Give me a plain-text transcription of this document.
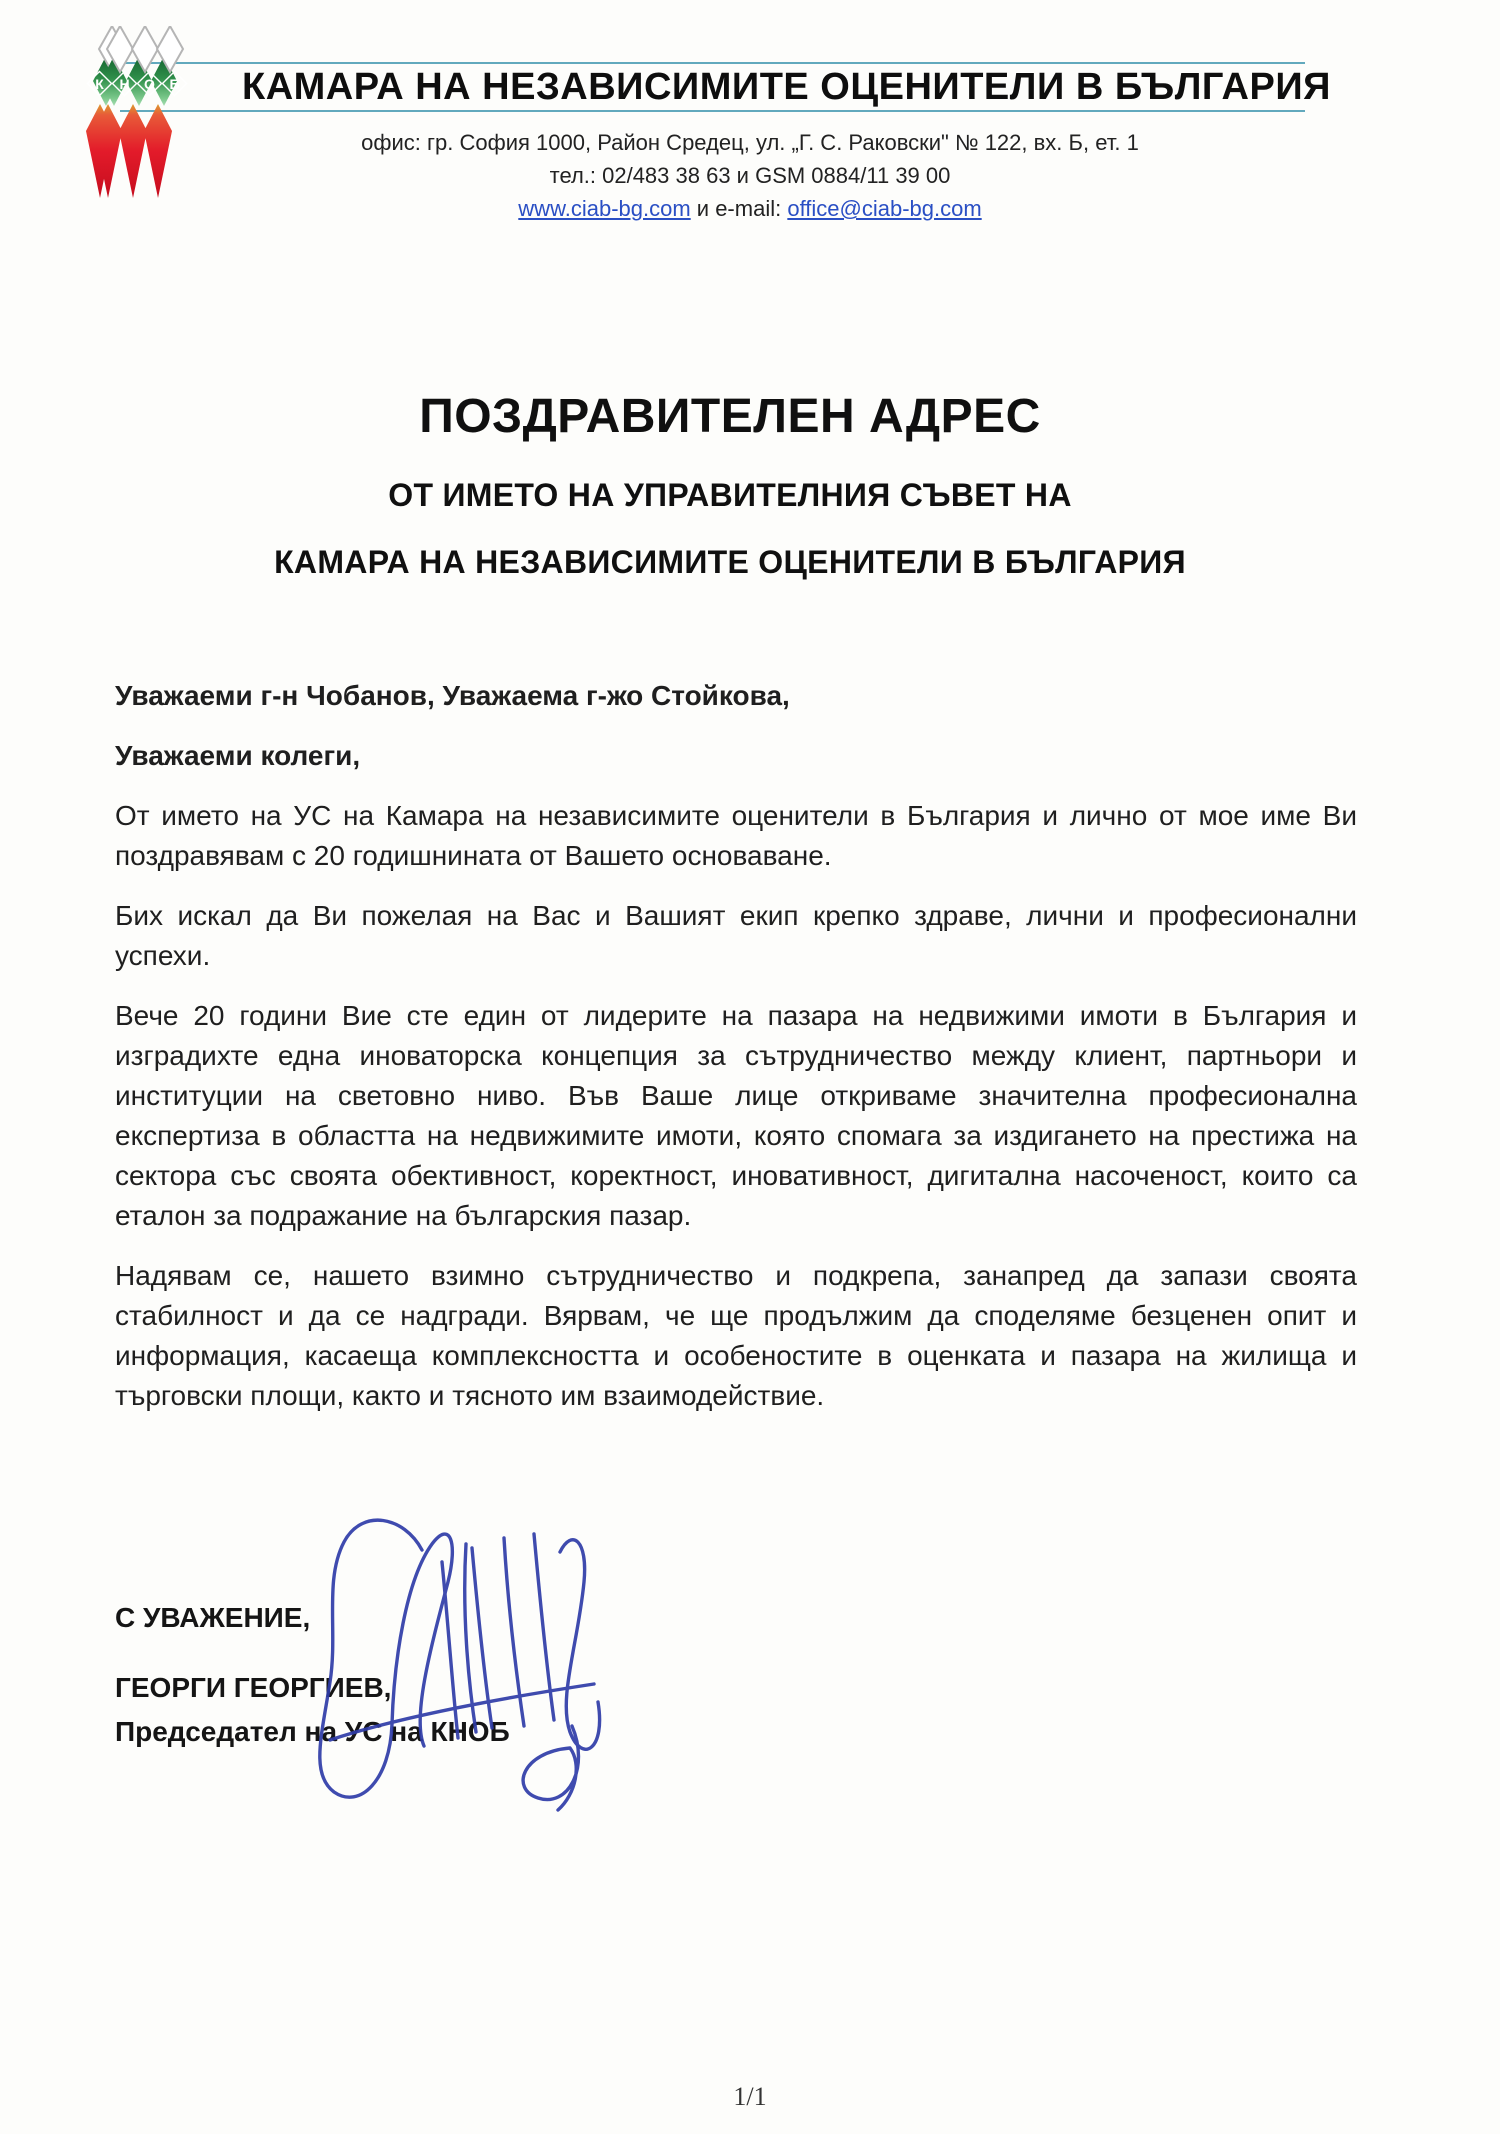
КАМАРА НА НЕЗАВИСИМИТЕ ОЦЕНИТЕЛИ В БЪЛГАРИЯ
К Н О Б
офис: гр. София 1000, Район Средец, ул. „Г. С. Раковски" № 122, вх. Б, ет. 1
тел.: 02/483 38 63 и GSM 0884/11 39 00
www.ciab-bg.com и e-mail: office@ciab-bg.com
ПОЗДРАВИТЕЛЕН АДРЕС
ОТ ИМЕТО НА УПРАВИТЕЛНИЯ СЪВЕТ НА
КАМАРА НА НЕЗАВИСИМИТЕ ОЦЕНИТЕЛИ В БЪЛГАРИЯ

Уважаеми г-н Чобанов, Уважаема г-жо Стойкова,

Уважаеми колеги,

От името на УС на Камара на независимите оценители в България и лично от мое име Ви поздравявам с 20 годишнината от Вашето основаване.

Бих искал да Ви пожелая на Вас и Вашият екип крепко здраве, лични и професионални успехи.

Вече 20 години Вие сте един от лидерите на пазара на недвижими имоти в България и изградихте една иноваторска концепция за сътрудничество между клиент, партньори и институции на световно ниво. Във Ваше лице откриваме значителна професионална експертиза в областта на недвижимите имоти, която спомага за издигането на престижа на сектора със своята обективност, коректност, иновативност, дигитална насоченост, които са еталон за подражание на българския пазар.

Надявам се, нашето взимно сътрудничество и подкрепа, занапред да запази своята стабилност и да се надгради. Вярвам, че ще продължим да споделяме безценен опит и информация, касаеща комплексността и особеностите в оценката и пазара на жилища и търговски площи, както и тясното им взаимодействие.

С УВАЖЕНИЕ,
ГЕОРГИ ГЕОРГИЕВ,
Председател на УС на КНОБ
1/1
